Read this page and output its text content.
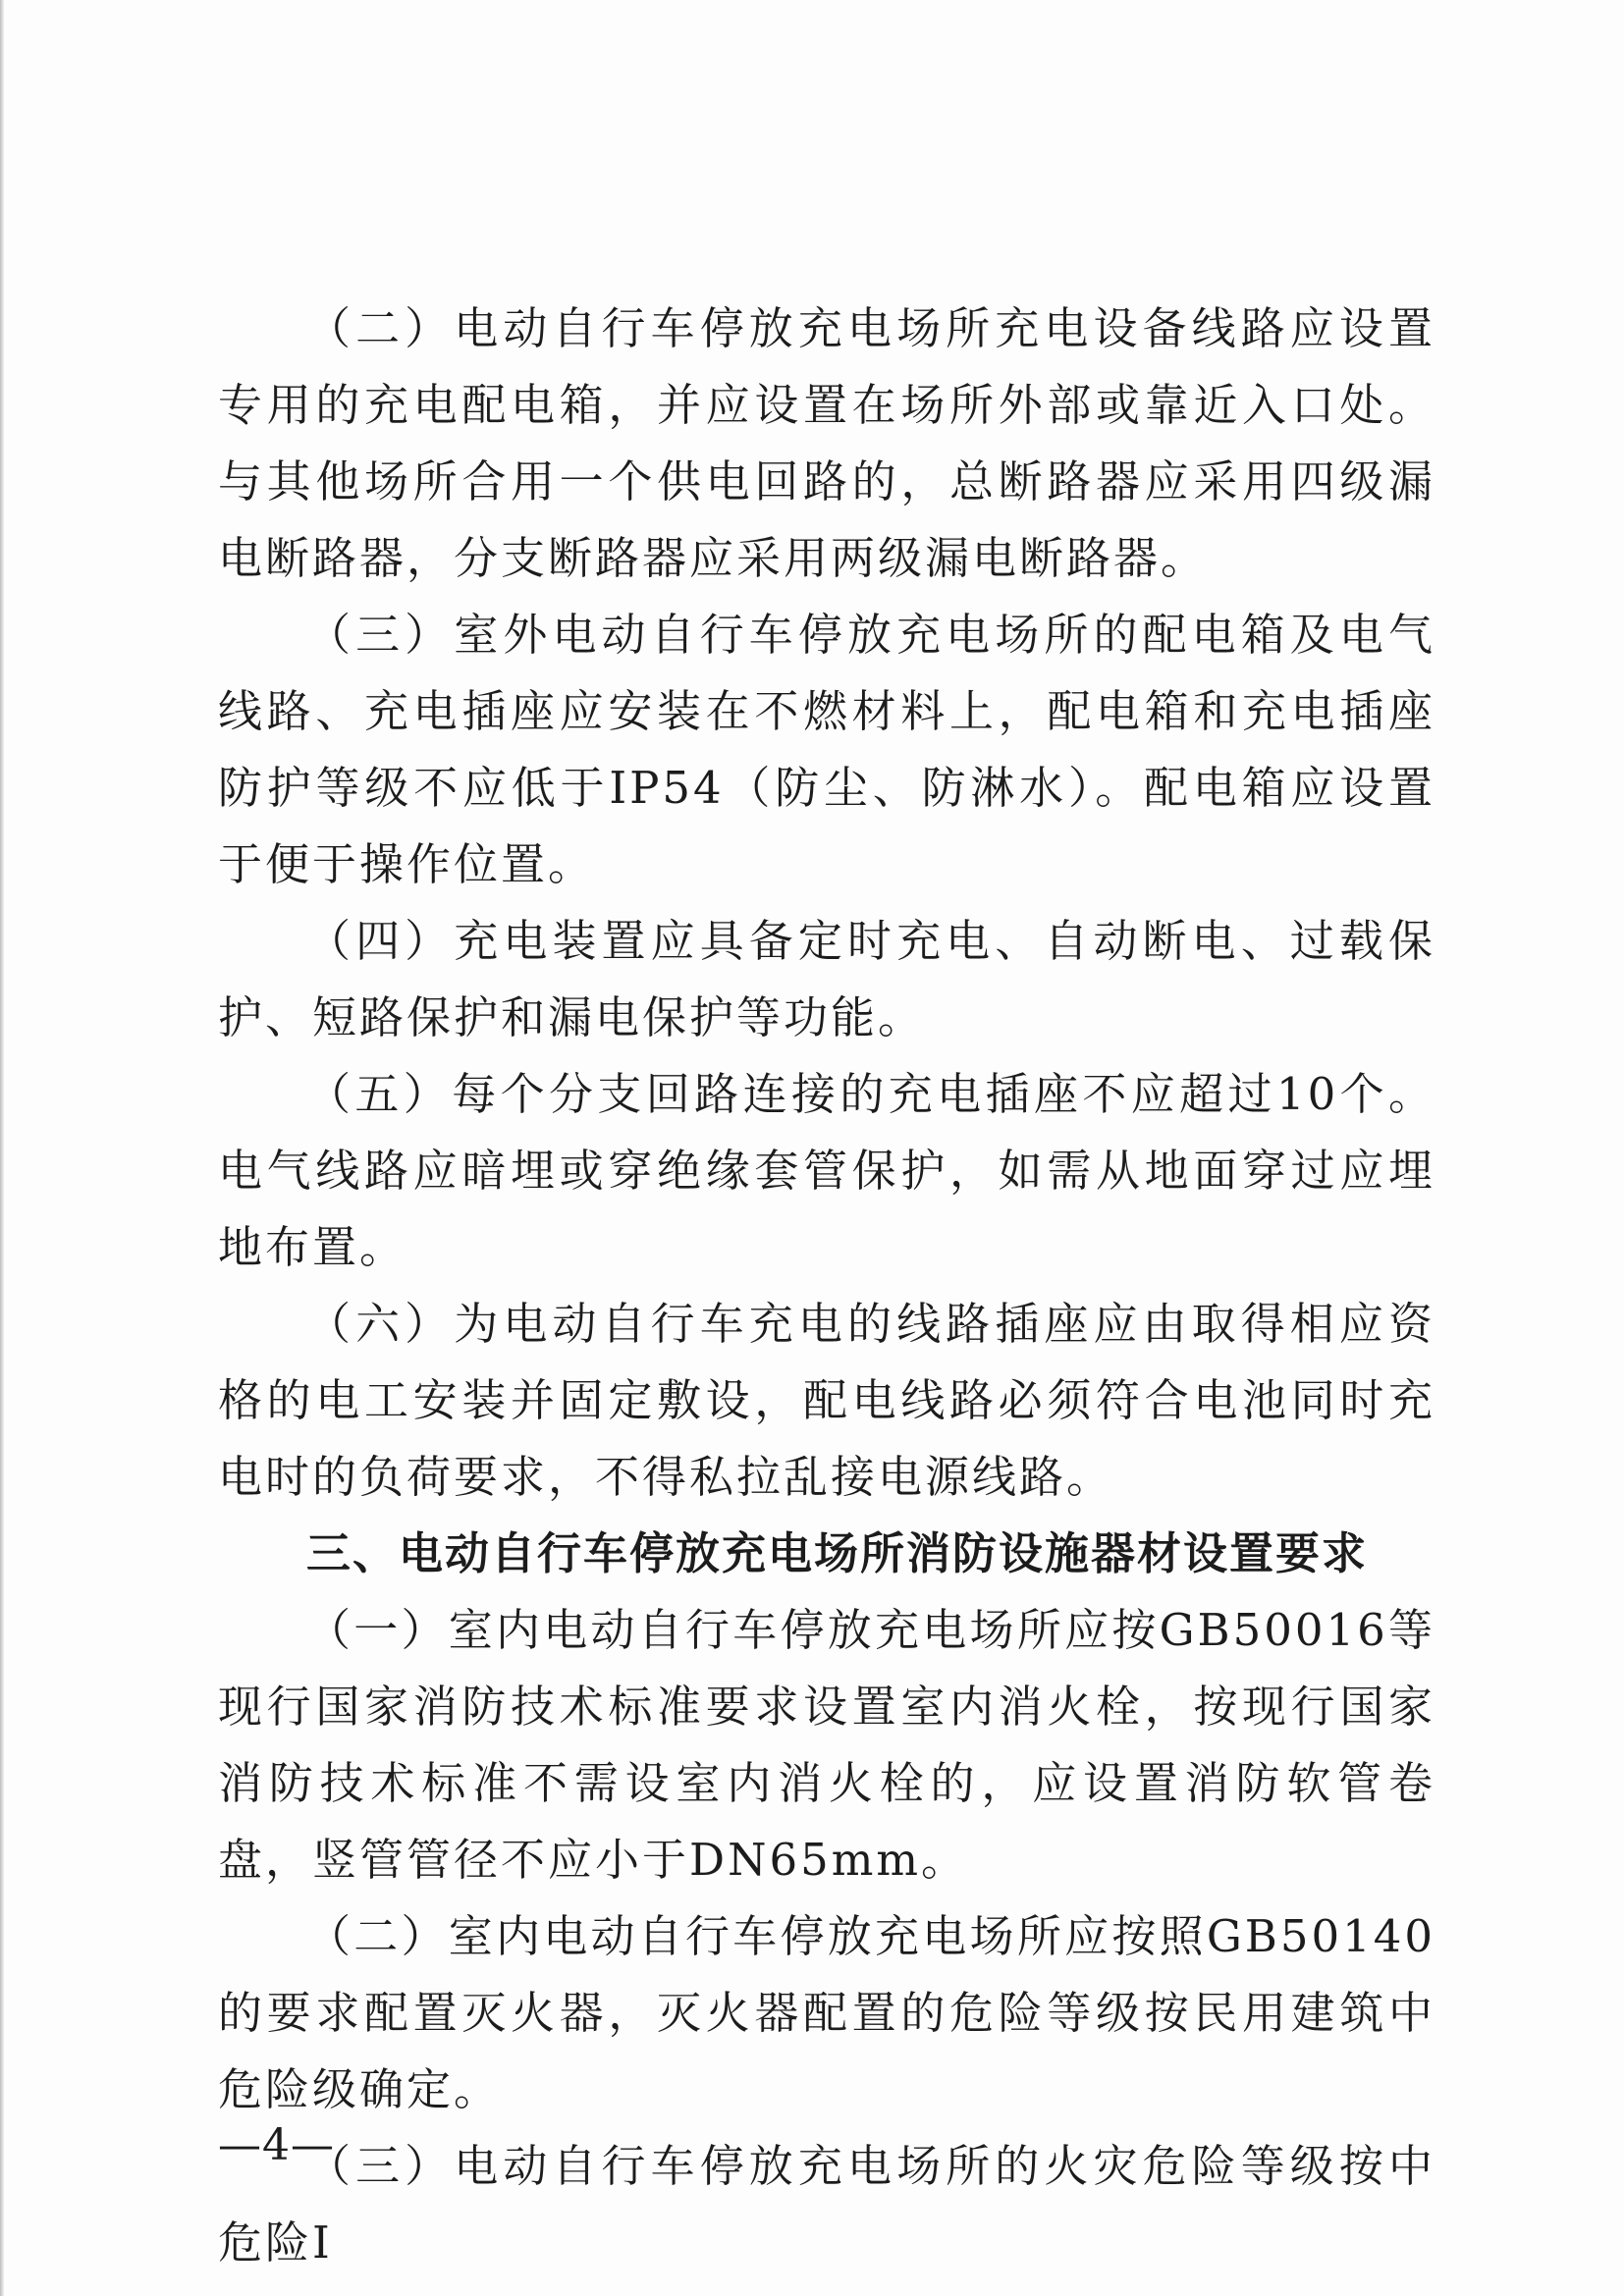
（二）电动自行车停放充电场所充电设备线路应设置专用的充电配电箱，并应设置在场所外部或靠近入口处。与其他场所合用一个供电回路的，总断路器应采用四级漏电断路器，分支断路器应采用两级漏电断路器。

（三）室外电动自行车停放充电场所的配电箱及电气线路、充电插座应安装在不燃材料上，配电箱和充电插座防护等级不应低于IP54（防尘、防淋水）。配电箱应设置于便于操作位置。

（四）充电装置应具备定时充电、自动断电、过载保护、短路保护和漏电保护等功能。

（五）每个分支回路连接的充电插座不应超过10个。电气线路应暗埋或穿绝缘套管保护，如需从地面穿过应埋地布置。

（六）为电动自行车充电的线路插座应由取得相应资格的电工安装并固定敷设，配电线路必须符合电池同时充电时的负荷要求，不得私拉乱接电源线路。

三、电动自行车停放充电场所消防设施器材设置要求

（一）室内电动自行车停放充电场所应按GB50016等现行国家消防技术标准要求设置室内消火栓，按现行国家消防技术标准不需设室内消火栓的，应设置消防软管卷盘，竖管管径不应小于DN65mm。

（二）室内电动自行车停放充电场所应按照GB50140的要求配置灭火器，灭火器配置的危险等级按民用建筑中危险级确定。

（三）电动自行车停放充电场所的火灾危险等级按中危险I

—4—
